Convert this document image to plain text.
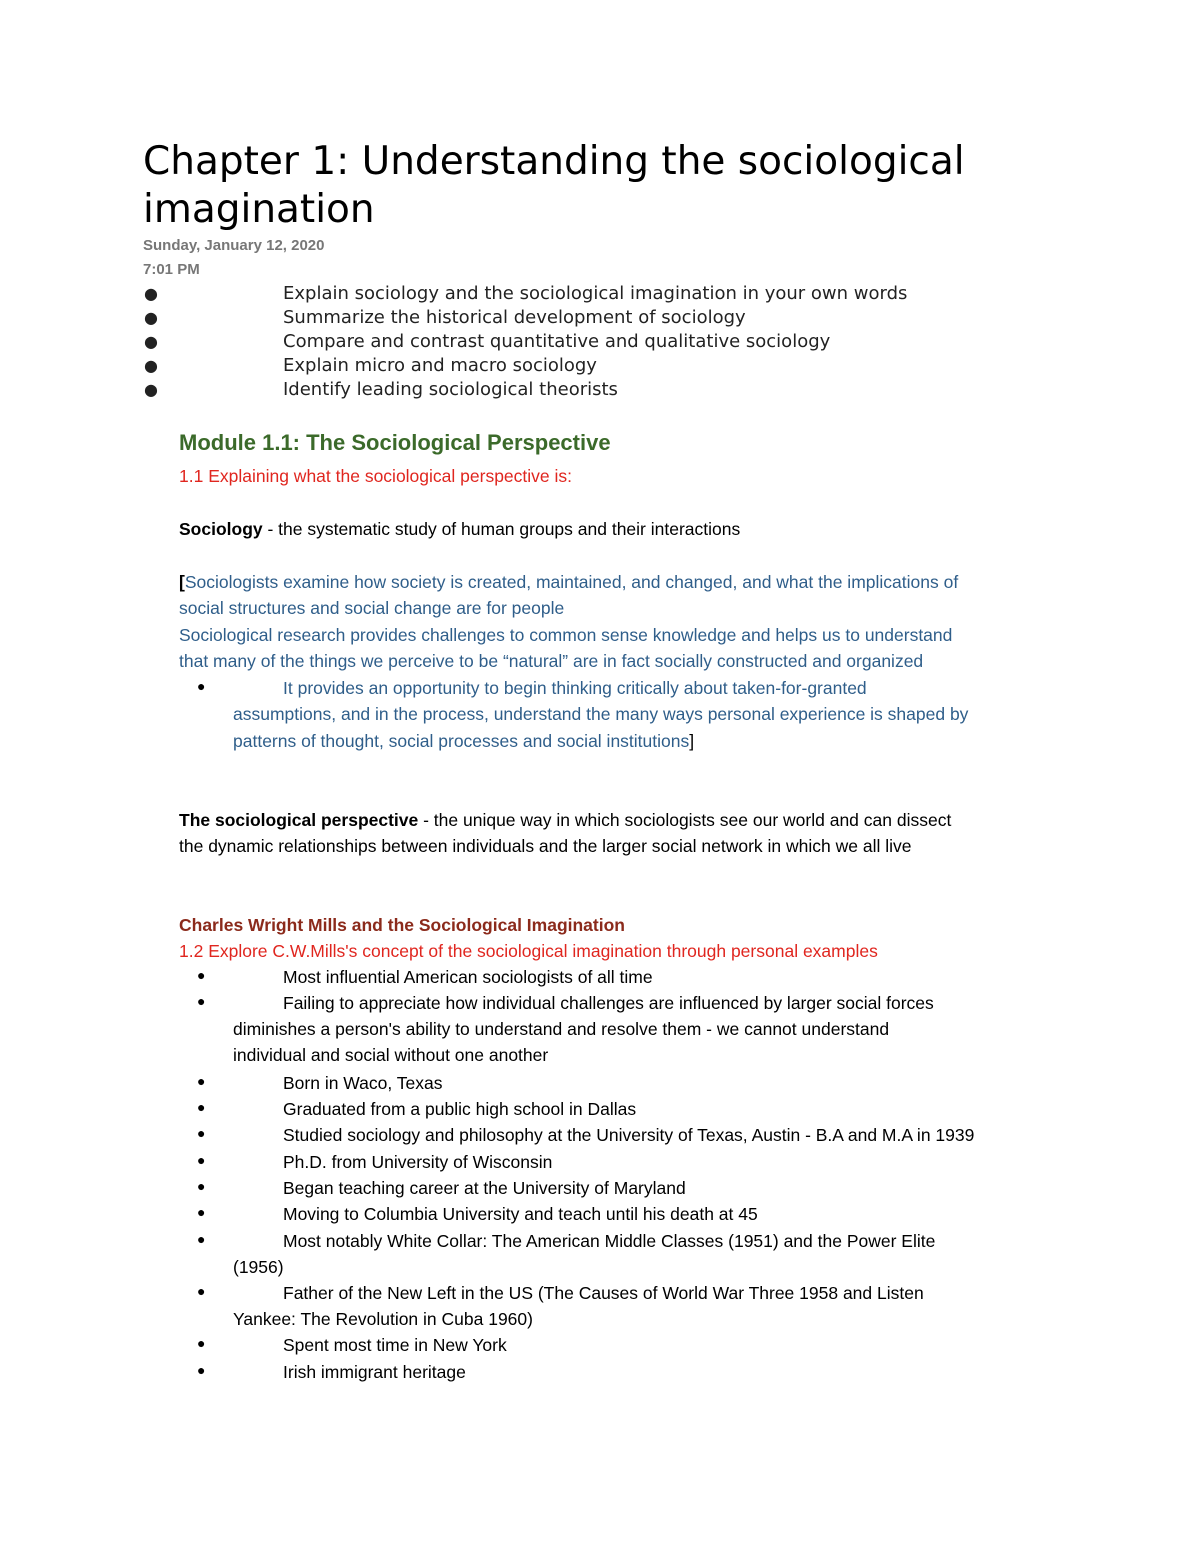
Chapter 1: Understanding the sociological imagination
Sunday, January 12, 2020
7:01 PM
●	Explain sociology and the sociological imagination in your own words
●	Summarize the historical development of sociology
●	Compare and contrast quantitative and qualitative sociology
●	Explain micro and macro sociology
●	Identify leading sociological theorists
Module 1.1: The Sociological Perspective
1.1 Explaining what the sociological perspective is:
Sociology - the systematic study of human groups and their interactions
[Sociologists examine how society is created, maintained, and changed, and what the implications of
social structures and social change are for people
Sociological research provides challenges to common sense knowledge and helps us to understand
that many of the things we perceive to be “natural” are in fact socially constructed and organized
●	It provides an opportunity to begin thinking critically about taken-for-granted
assumptions, and in the process, understand the many ways personal experience is shaped by
patterns of thought, social processes and social institutions]
The sociological perspective - the unique way in which sociologists see our world and can dissect
the dynamic relationships between individuals and the larger social network in which we all live
Charles Wright Mills and the Sociological Imagination
1.2 Explore C.W.Mills's concept of the sociological imagination through personal examples
●	Most influential American sociologists of all time
●	Failing to appreciate how individual challenges are influenced by larger social forces
diminishes a person's ability to understand and resolve them - we cannot understand
individual and social without one another
●	Born in Waco, Texas
●	Graduated from a public high school in Dallas
●	Studied sociology and philosophy at the University of Texas, Austin - B.A and M.A in 1939
●	Ph.D. from University of Wisconsin
●	Began teaching career at the University of Maryland
●	Moving to Columbia University and teach until his death at 45
●	Most notably White Collar: The American Middle Classes (1951) and the Power Elite
(1956)
●	Father of the New Left in the US (The Causes of World War Three 1958 and Listen
Yankee: The Revolution in Cuba 1960)
●	Spent most time in New York
●	Irish immigrant heritage
